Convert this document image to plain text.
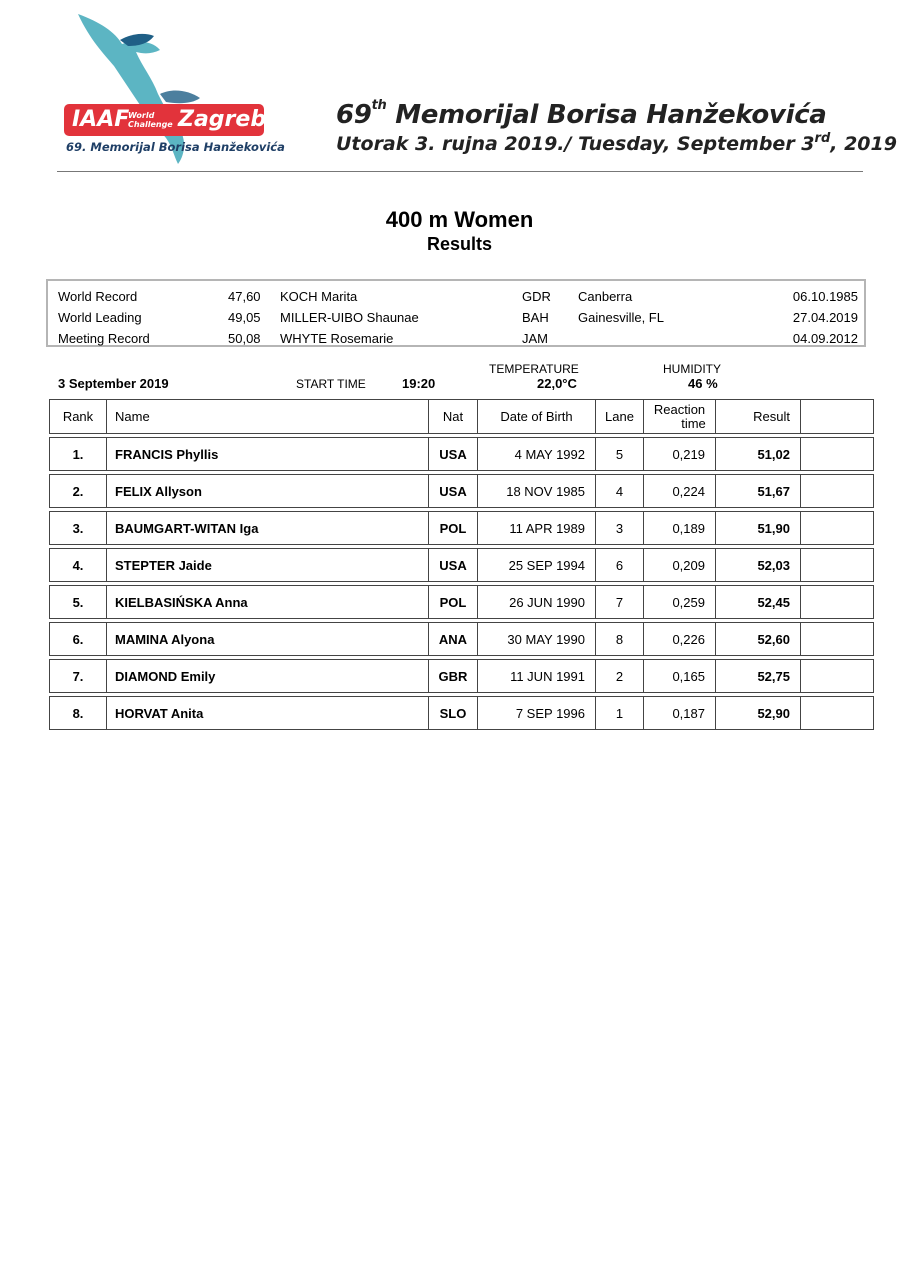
IAAF
World Challenge Zagreb
69. Memorijal Borisa Hanžekovića
69th Memorijal Borisa Hanžekovića
Utorak 3. rujna 2019./ Tuesday, September 3rd, 2019
400 m Women
Results
World Record	47,60 KOCH Marita	GDR Canberra	06.10.1985
World Leading	49,05 MILLER-UIBO Shaunae	BAH Gainesville, FL	27.04.2019
Meeting Record	50,08 WHYTE Rosemarie	JAM	04.09.2012
3 September 2019	START TIME	19:20
TEMPERATURE
22,0°C
HUMIDITY
46 %
Rank	Name	Nat	Date of Birth	Lane	Reaction
time	Result	

1.	FRANCIS Phyllis	USA	4 MAY 1992	5	0,219	51,02	

2.	FELIX Allyson	USA	18 NOV 1985	4	0,224	51,67	

3.	BAUMGART-WITAN Iga	POL	11 APR 1989	3	0,189	51,90	

4.	STEPTER Jaide	USA	25 SEP 1994	6	0,209	52,03	

5.	KIELBASIŃSKA Anna	POL	26 JUN 1990	7	0,259	52,45	

6.	MAMINA Alyona	ANA	30 MAY 1990	8	0,226	52,60	

7.	DIAMOND Emily	GBR	11 JUN 1991	2	0,165	52,75	

8.	HORVAT Anita	SLO	7 SEP 1996	1	0,187	52,90	
